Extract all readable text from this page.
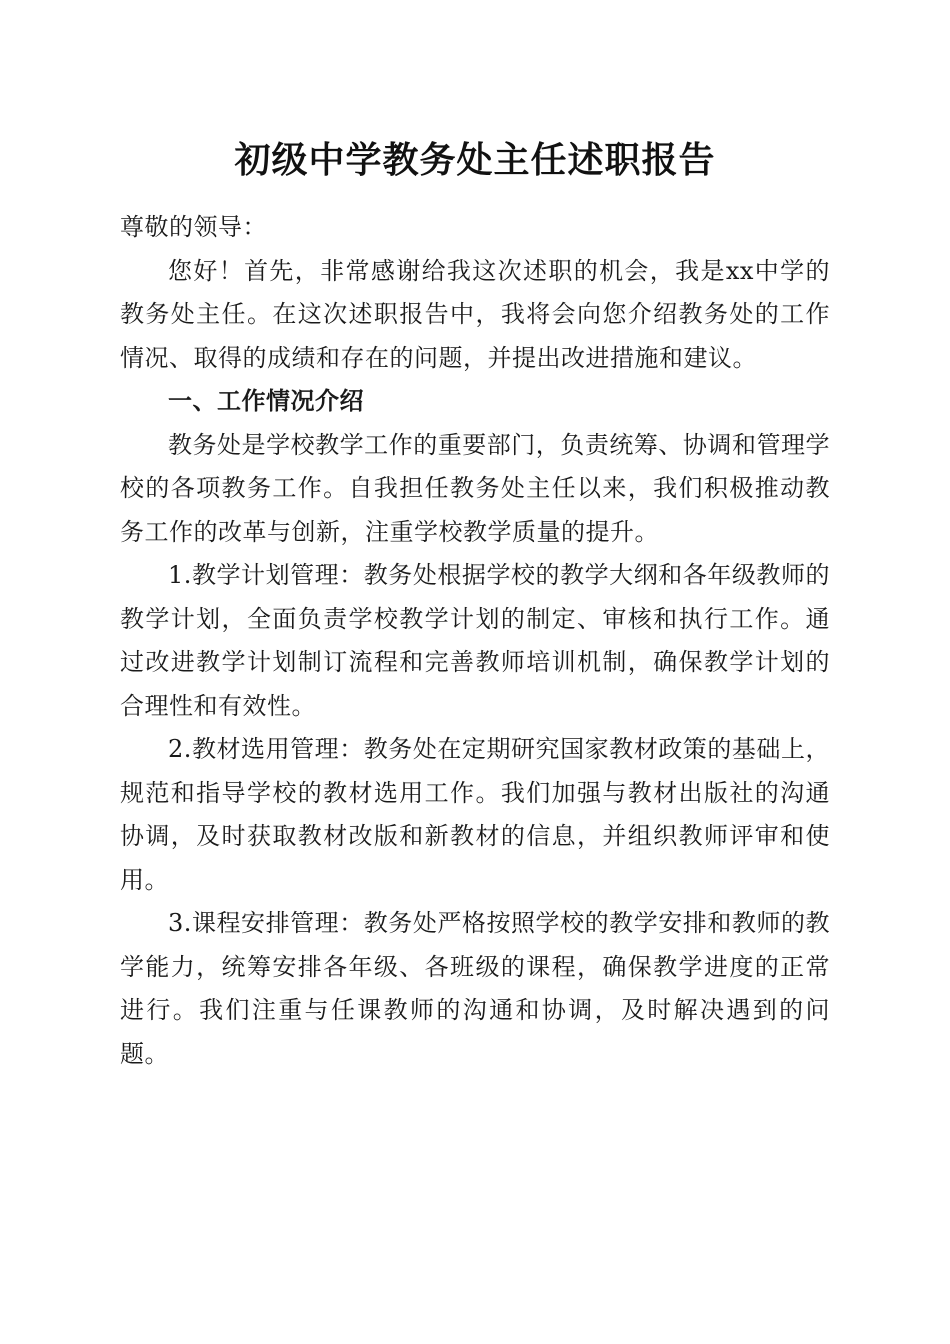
初级中学教务处主任述职报告

尊敬的领导：

您好！首先，非常感谢给我这次述职的机会，我是xx中学的教务处主任。在这次述职报告中，我将会向您介绍教务处的工作情况、取得的成绩和存在的问题，并提出改进措施和建议。

一、工作情况介绍

教务处是学校教学工作的重要部门，负责统筹、协调和管理学校的各项教务工作。自我担任教务处主任以来，我们积极推动教务工作的改革与创新，注重学校教学质量的提升。

1.教学计划管理：教务处根据学校的教学大纲和各年级教师的教学计划，全面负责学校教学计划的制定、审核和执行工作。通过改进教学计划制订流程和完善教师培训机制，确保教学计划的合理性和有效性。

2.教材选用管理：教务处在定期研究国家教材政策的基础上，规范和指导学校的教材选用工作。我们加强与教材出版社的沟通协调，及时获取教材改版和新教材的信息，并组织教师评审和使用。

3.课程安排管理：教务处严格按照学校的教学安排和教师的教学能力，统筹安排各年级、各班级的课程，确保教学进度的正常进行。我们注重与任课教师的沟通和协调，及时解决遇到的问题。
